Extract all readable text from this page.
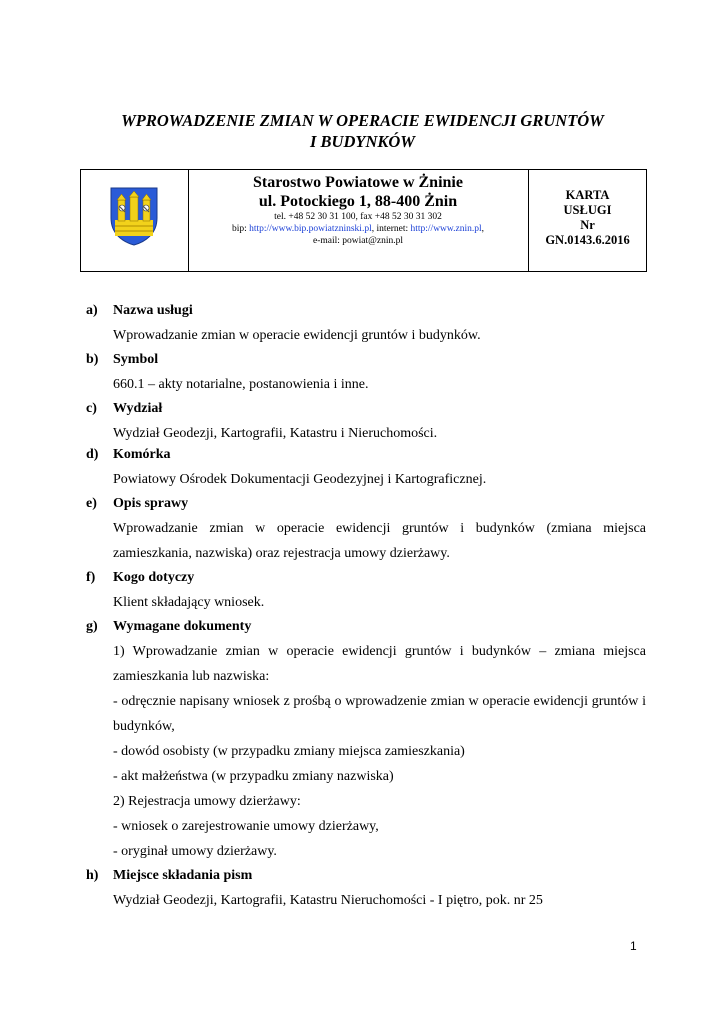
WPROWADZENIE ZMIAN W OPERACIE EWIDENCJI GRUNTÓW
I BUDYNKÓW
Starostwo Powiatowe w Żninie
ul. Potockiego 1, 88-400 Żnin
tel. +48 52 30 31 100, fax +48 52 30 31 302
bip: http://www.bip.powiatzninski.pl, internet: http://www.znin.pl,
e-mail: powiat@znin.pl
KARTA
USŁUGI
Nr
GN.0143.6.2016
a)	Nazwa usługi
Wprowadzanie zmian w operacie ewidencji gruntów i budynków.
b)	Symbol
660.1 – akty notarialne, postanowienia i inne.
c)	Wydział
Wydział Geodezji, Kartografii, Katastru i Nieruchomości.
d)	Komórka
Powiatowy Ośrodek Dokumentacji Geodezyjnej i Kartograficznej.
e)	Opis sprawy
Wprowadzanie zmian w operacie ewidencji gruntów i budynków (zmiana miejsca zamieszkania, nazwiska) oraz rejestracja umowy dzierżawy.
f)	Kogo dotyczy
Klient składający wniosek.
g)	Wymagane dokumenty
1) Wprowadzanie zmian w operacie ewidencji gruntów i budynków – zmiana miejsca zamieszkania lub nazwiska:
- odręcznie napisany wniosek z prośbą o wprowadzenie zmian w operacie ewidencji gruntów i budynków,
- dowód osobisty (w przypadku zmiany miejsca zamieszkania)
- akt małżeństwa (w przypadku zmiany nazwiska)
2) Rejestracja umowy dzierżawy:
- wniosek o zarejestrowanie umowy dzierżawy,
- oryginał umowy dzierżawy.
h)	Miejsce składania pism
Wydział Geodezji, Kartografii, Katastru Nieruchomości - I piętro, pok. nr 25
1
